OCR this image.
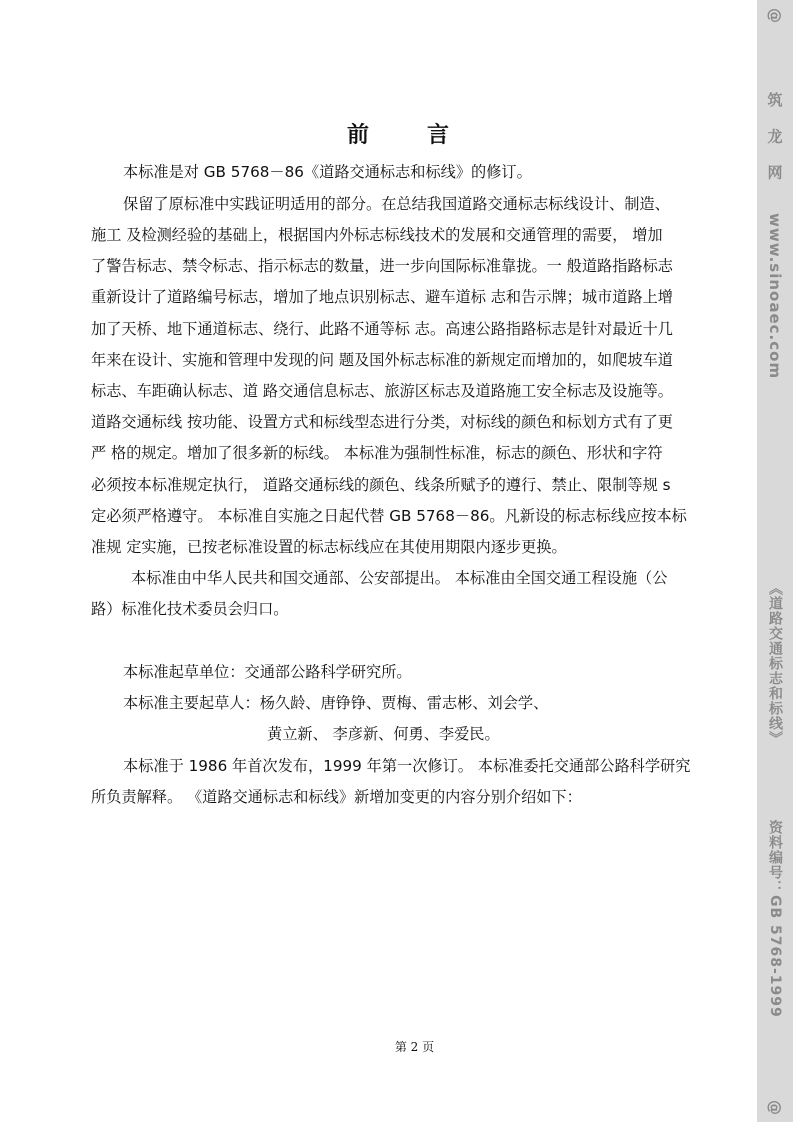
前　言
本标准是对 GB 5768－86《道路交通标志和标线》的修订。
保留了原标准中实践证明适用的部分。在总结我国道路交通标志标线设计、制造、
施工 及检测经验的基础上，根据国内外标志标线技术的发展和交通管理的需要， 增加
了警告标志、禁令标志、指示标志的数量，进一步向国际标准靠拢。一 般道路指路标志
重新设计了道路编号标志，增加了地点识别标志、避车道标 志和告示牌；城市道路上增
加了天桥、地下通道标志、绕行、此路不通等标 志。高速公路指路标志是针对最近十几
年来在设计、实施和管理中发现的问 题及国外标志标准的新规定而增加的，如爬坡车道
标志、车距确认标志、道 路交通信息标志、旅游区标志及道路施工安全标志及设施等。
道路交通标线 按功能、设置方式和标线型态进行分类，对标线的颜色和标划方式有了更
严 格的规定。增加了很多新的标线。 本标准为强制性标准，标志的颜色、形状和字符
必须按本标准规定执行， 道路交通标线的颜色、线条所赋予的遵行、禁止、限制等规 s
定必须严格遵守。 本标准自实施之日起代替 GB 5768－86。凡新设的标志标线应按本标
准规 定实施，已按老标准设置的标志标线应在其使用期限内逐步更换。
本标准由中华人民共和国交通部、公安部提出。 本标准由全国交通工程设施（公
路）标准化技术委员会归口。
本标准起草单位：交通部公路科学研究所。
本标准主要起草人：杨久龄、唐铮铮、贾梅、雷志彬、刘会学、
黄立新、 李彦新、何勇、李爱民。
本标准于 1986 年首次发布，1999 年第一次修订。 本标准委托交通部公路科学研究
所负责解释。 《道路交通标志和标线》新增加变更的内容分别介绍如下：
第 2 页
@
筑 龙 网
www.sinoaec.com
《道路交通标志和标线》
资料编号：GB 5768-1999
@
